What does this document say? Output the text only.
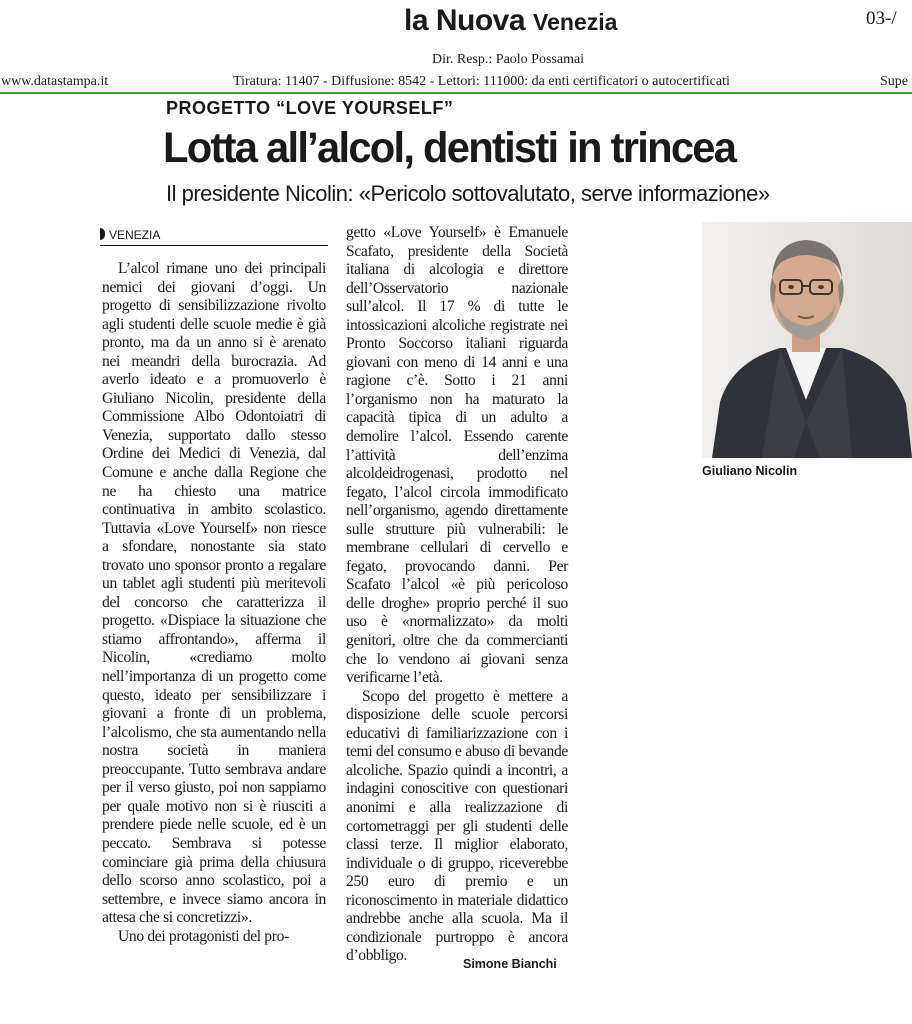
la Nuova Venezia	03-/
Dir. Resp.: Paolo Possamai
www.datastampa.it	Tiratura: 11407 - Diffusione: 8542 - Lettori: 111000: da enti certificatori o autocertificati	Supe
PROGETTO “LOVE YOURSELF”
Lotta all’alcol, dentisti in trincea
Il presidente Nicolin: «Pericolo sottovalutato, serve informazione»
VENEZIA

L’alcol rimane uno dei principali nemici dei giovani d’oggi. Un progetto di sensibilizzazione rivolto agli studenti delle scuole medie è già pronto, ma da un anno si è arenato nei meandri della burocrazia. Ad averlo ideato e a promuoverlo è Giuliano Nicolin, presidente della Commissione Albo Odontoiatri di Venezia, supportato dallo stesso Ordine dei Medici di Venezia, dal Comune e anche dalla Regione che ne ha chiesto una matrice continuativa in ambito scolastico. Tuttavia «Love Yourself» non riesce a sfondare, nonostante sia stato trovato uno sponsor pronto a regalare un tablet agli studenti più meritevoli del concorso che caratterizza il progetto. «Dispiace la situazione che stiamo affrontando», afferma il Nicolin, «crediamo molto nell’importanza di un progetto come questo, ideato per sensibilizzare i giovani a fronte di un problema, l’alcolismo, che sta aumentando nella nostra società in maniera preoccupante. Tutto sembrava andare per il verso giusto, poi non sappiamo per quale motivo non si è riusciti a prendere piede nelle scuole, ed è un peccato. Sembrava si potesse cominciare già prima della chiusura dello scorso anno scolastico, poi a settembre, e invece siamo ancora in attesa che si concretizzi».

Uno dei protagonisti del pro-

getto «Love Yourself» è Emanuele Scafato, presidente della Società italiana di alcologia e direttore dell’Osservatorio nazionale sull’alcol. Il 17 % di tutte le intossicazioni alcoliche registrate nei Pronto Soccorso italiani riguarda giovani con meno di 14 anni e una ragione c’è. Sotto i 21 anni l’organismo non ha maturato la capacità tipica di un adulto a demolire l’alcol. Essendo carente l’attività dell’enzima alcoldeidrogenasi, prodotto nel fegato, l’alcol circola immodificato nell’organismo, agendo direttamente sulle strutture più vulnerabili: le membrane cellulari di cervello e fegato, provocando danni. Per Scafato l’alcol «è più pericoloso delle droghe» proprio perché il suo uso è «normalizzato» da molti genitori, oltre che da commercianti che lo vendono ai giovani senza verificarne l’età.

Scopo del progetto è mettere a disposizione delle scuole percorsi educativi di familiarizzazione con i temi del consumo e abuso di bevande alcoliche. Spazio quindi a incontri, a indagini conoscitive con questionari anonimi e alla realizzazione di cortometraggi per gli studenti delle classi terze. Il miglior elaborato, individuale o di gruppo, riceverebbe 250 euro di premio e un riconoscimento in materiale didattico andrebbe anche alla scuola. Ma il condizionale purtroppo è ancora d’obbligo.	Simone Bianchi
Giuliano Nicolin
